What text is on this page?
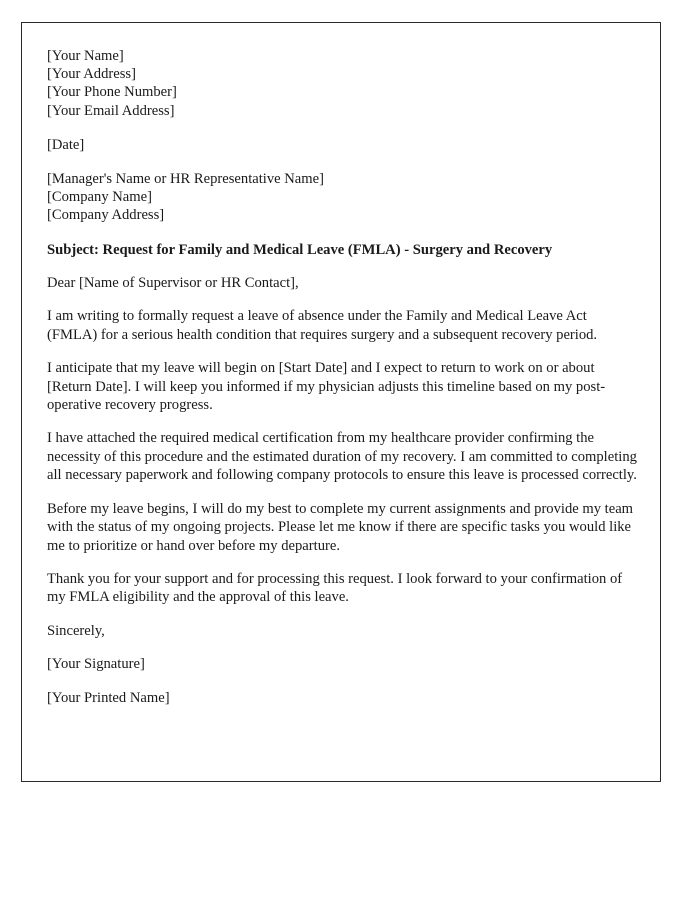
[Your Name]
[Your Address]
[Your Phone Number]
[Your Email Address]
[Date]
[Manager's Name or HR Representative Name]
[Company Name]
[Company Address]
Subject: Request for Family and Medical Leave (FMLA) - Surgery and Recovery
Dear [Name of Supervisor or HR Contact],

I am writing to formally request a leave of absence under the Family and Medical Leave Act (FMLA) for a serious health condition that requires surgery and a subsequent recovery period.

I anticipate that my leave will begin on [Start Date] and I expect to return to work on or about [Return Date]. I will keep you informed if my physician adjusts this timeline based on my post-operative recovery progress.

I have attached the required medical certification from my healthcare provider confirming the necessity of this procedure and the estimated duration of my recovery. I am committed to completing all necessary paperwork and following company protocols to ensure this leave is processed correctly.

Before my leave begins, I will do my best to complete my current assignments and provide my team with the status of my ongoing projects. Please let me know if there are specific tasks you would like me to prioritize or hand over before my departure.

Thank you for your support and for processing this request. I look forward to your confirmation of my FMLA eligibility and the approval of this leave.

Sincerely,
[Your Signature]
[Your Printed Name]
